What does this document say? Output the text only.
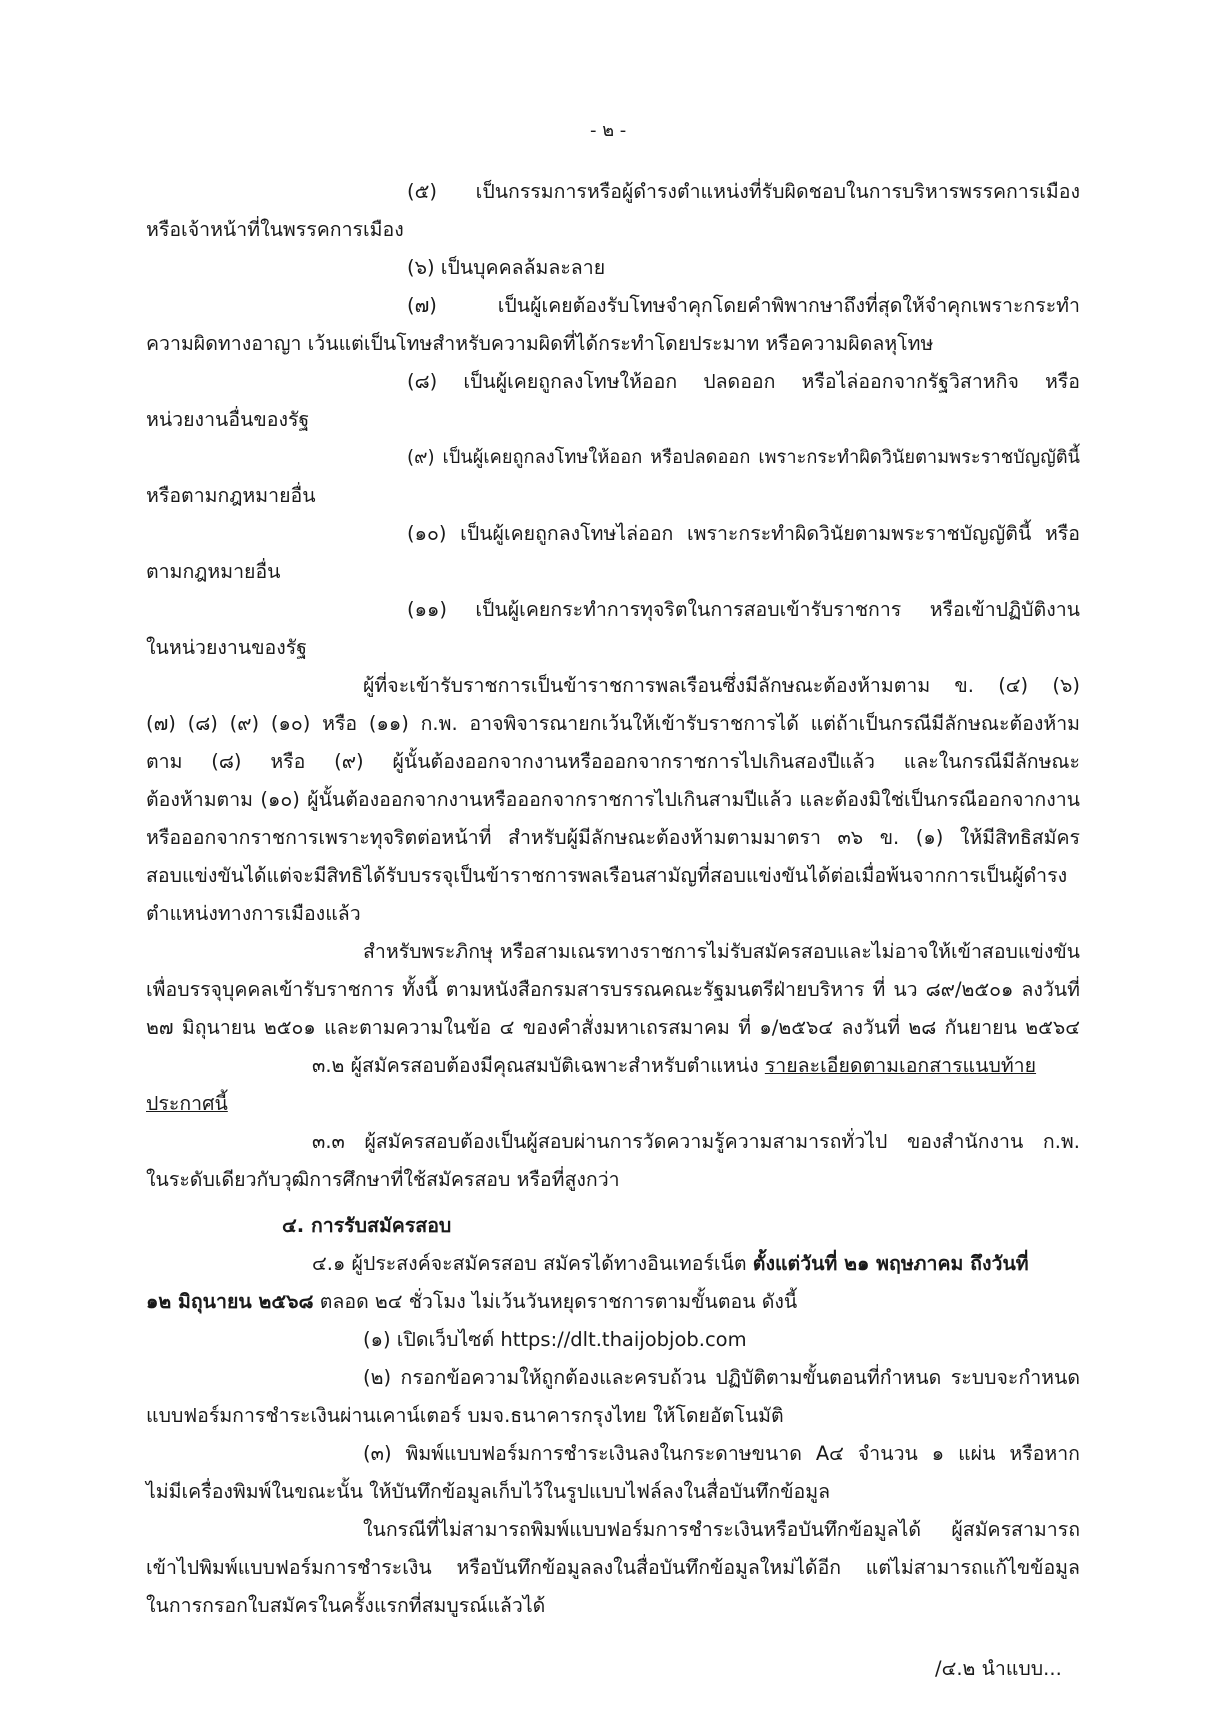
- ๒ -
(๕) เป็นกรรมการหรือผู้ดำรงตำแหน่งที่รับผิดชอบในการบริหารพรรคการเมือง
หรือเจ้าหน้าที่ในพรรคการเมือง
(๖) เป็นบุคคลล้มละลาย
(๗) เป็นผู้เคยต้องรับโทษจำคุกโดยคำพิพากษาถึงที่สุดให้จำคุกเพราะกระทำ
ความผิดทางอาญา เว้นแต่เป็นโทษสำหรับความผิดที่ได้กระทำโดยประมาท หรือความผิดลหุโทษ
(๘) เป็นผู้เคยถูกลงโทษให้ออก ปลดออก หรือไล่ออกจากรัฐวิสาหกิจ หรือ
หน่วยงานอื่นของรัฐ
(๙) เป็นผู้เคยถูกลงโทษให้ออก หรือปลดออก เพราะกระทำผิดวินัยตามพระราชบัญญัตินี้
หรือตามกฎหมายอื่น
(๑๐) เป็นผู้เคยถูกลงโทษไล่ออก เพราะกระทำผิดวินัยตามพระราชบัญญัตินี้ หรือ
ตามกฎหมายอื่น
(๑๑) เป็นผู้เคยกระทำการทุจริตในการสอบเข้ารับราชการ หรือเข้าปฏิบัติงาน
ในหน่วยงานของรัฐ
ผู้ที่จะเข้ารับราชการเป็นข้าราชการพลเรือนซึ่งมีลักษณะต้องห้ามตาม ข. (๔) (๖)
(๗) (๘) (๙) (๑๐) หรือ (๑๑) ก.พ. อาจพิจารณายกเว้นให้เข้ารับราชการได้ แต่ถ้าเป็นกรณีมีลักษณะต้องห้าม
ตาม (๘) หรือ (๙) ผู้นั้นต้องออกจากงานหรือออกจากราชการไปเกินสองปีแล้ว และในกรณีมีลักษณะ
ต้องห้ามตาม (๑๐) ผู้นั้นต้องออกจากงานหรือออกจากราชการไปเกินสามปีแล้ว และต้องมิใช่เป็นกรณีออกจากงาน
หรือออกจากราชการเพราะทุจริตต่อหน้าที่ สำหรับผู้มีลักษณะต้องห้ามตามมาตรา ๓๖ ข. (๑) ให้มีสิทธิสมัคร
สอบแข่งขันได้แต่จะมีสิทธิได้รับบรรจุเป็นข้าราชการพลเรือนสามัญที่สอบแข่งขันได้ต่อเมื่อพ้นจากการเป็นผู้ดำรง
ตำแหน่งทางการเมืองแล้ว
สำหรับพระภิกษุ หรือสามเณรทางราชการไม่รับสมัครสอบและไม่อาจให้เข้าสอบแข่งขัน
เพื่อบรรจุบุคคลเข้ารับราชการ ทั้งนี้ ตามหนังสือกรมสารบรรณคณะรัฐมนตรีฝ่ายบริหาร ที่ นว ๘๙/๒๕๐๑ ลงวันที่
๒๗ มิถุนายน ๒๕๐๑ และตามความในข้อ ๔ ของคำสั่งมหาเถรสมาคม ที่ ๑/๒๕๖๔ ลงวันที่ ๒๘ กันยายน ๒๕๖๔
๓.๒ ผู้สมัครสอบต้องมีคุณสมบัติเฉพาะสำหรับตำแหน่ง รายละเอียดตามเอกสารแนบท้าย
ประกาศนี้
๓.๓ ผู้สมัครสอบต้องเป็นผู้สอบผ่านการวัดความรู้ความสามารถทั่วไป ของสำนักงาน ก.พ.
ในระดับเดียวกับวุฒิการศึกษาที่ใช้สมัครสอบ หรือที่สูงกว่า
๔. การรับสมัครสอบ
๔.๑ ผู้ประสงค์จะสมัครสอบ สมัครได้ทางอินเทอร์เน็ต ตั้งแต่วันที่ ๒๑ พฤษภาคม ถึงวันที่
๑๒ มิถุนายน ๒๕๖๘ ตลอด ๒๔ ชั่วโมง ไม่เว้นวันหยุดราชการตามขั้นตอน ดังนี้
(๑) เปิดเว็บไซต์ https://dlt.thaijobjob.com
(๒) กรอกข้อความให้ถูกต้องและครบถ้วน ปฏิบัติตามขั้นตอนที่กำหนด ระบบจะกำหนด
แบบฟอร์มการชำระเงินผ่านเคาน์เตอร์ บมจ.ธนาคารกรุงไทย ให้โดยอัตโนมัติ
(๓) พิมพ์แบบฟอร์มการชำระเงินลงในกระดาษขนาด A๔ จำนวน ๑ แผ่น หรือหาก
ไม่มีเครื่องพิมพ์ในขณะนั้น ให้บันทึกข้อมูลเก็บไว้ในรูปแบบไฟล์ลงในสื่อบันทึกข้อมูล
ในกรณีที่ไม่สามารถพิมพ์แบบฟอร์มการชำระเงินหรือบันทึกข้อมูลได้ ผู้สมัครสามารถ
เข้าไปพิมพ์แบบฟอร์มการชำระเงิน หรือบันทึกข้อมูลลงในสื่อบันทึกข้อมูลใหม่ได้อีก แต่ไม่สามารถแก้ไขข้อมูล
ในการกรอกใบสมัครในครั้งแรกที่สมบูรณ์แล้วได้
/๔.๒ นำแบบ...
